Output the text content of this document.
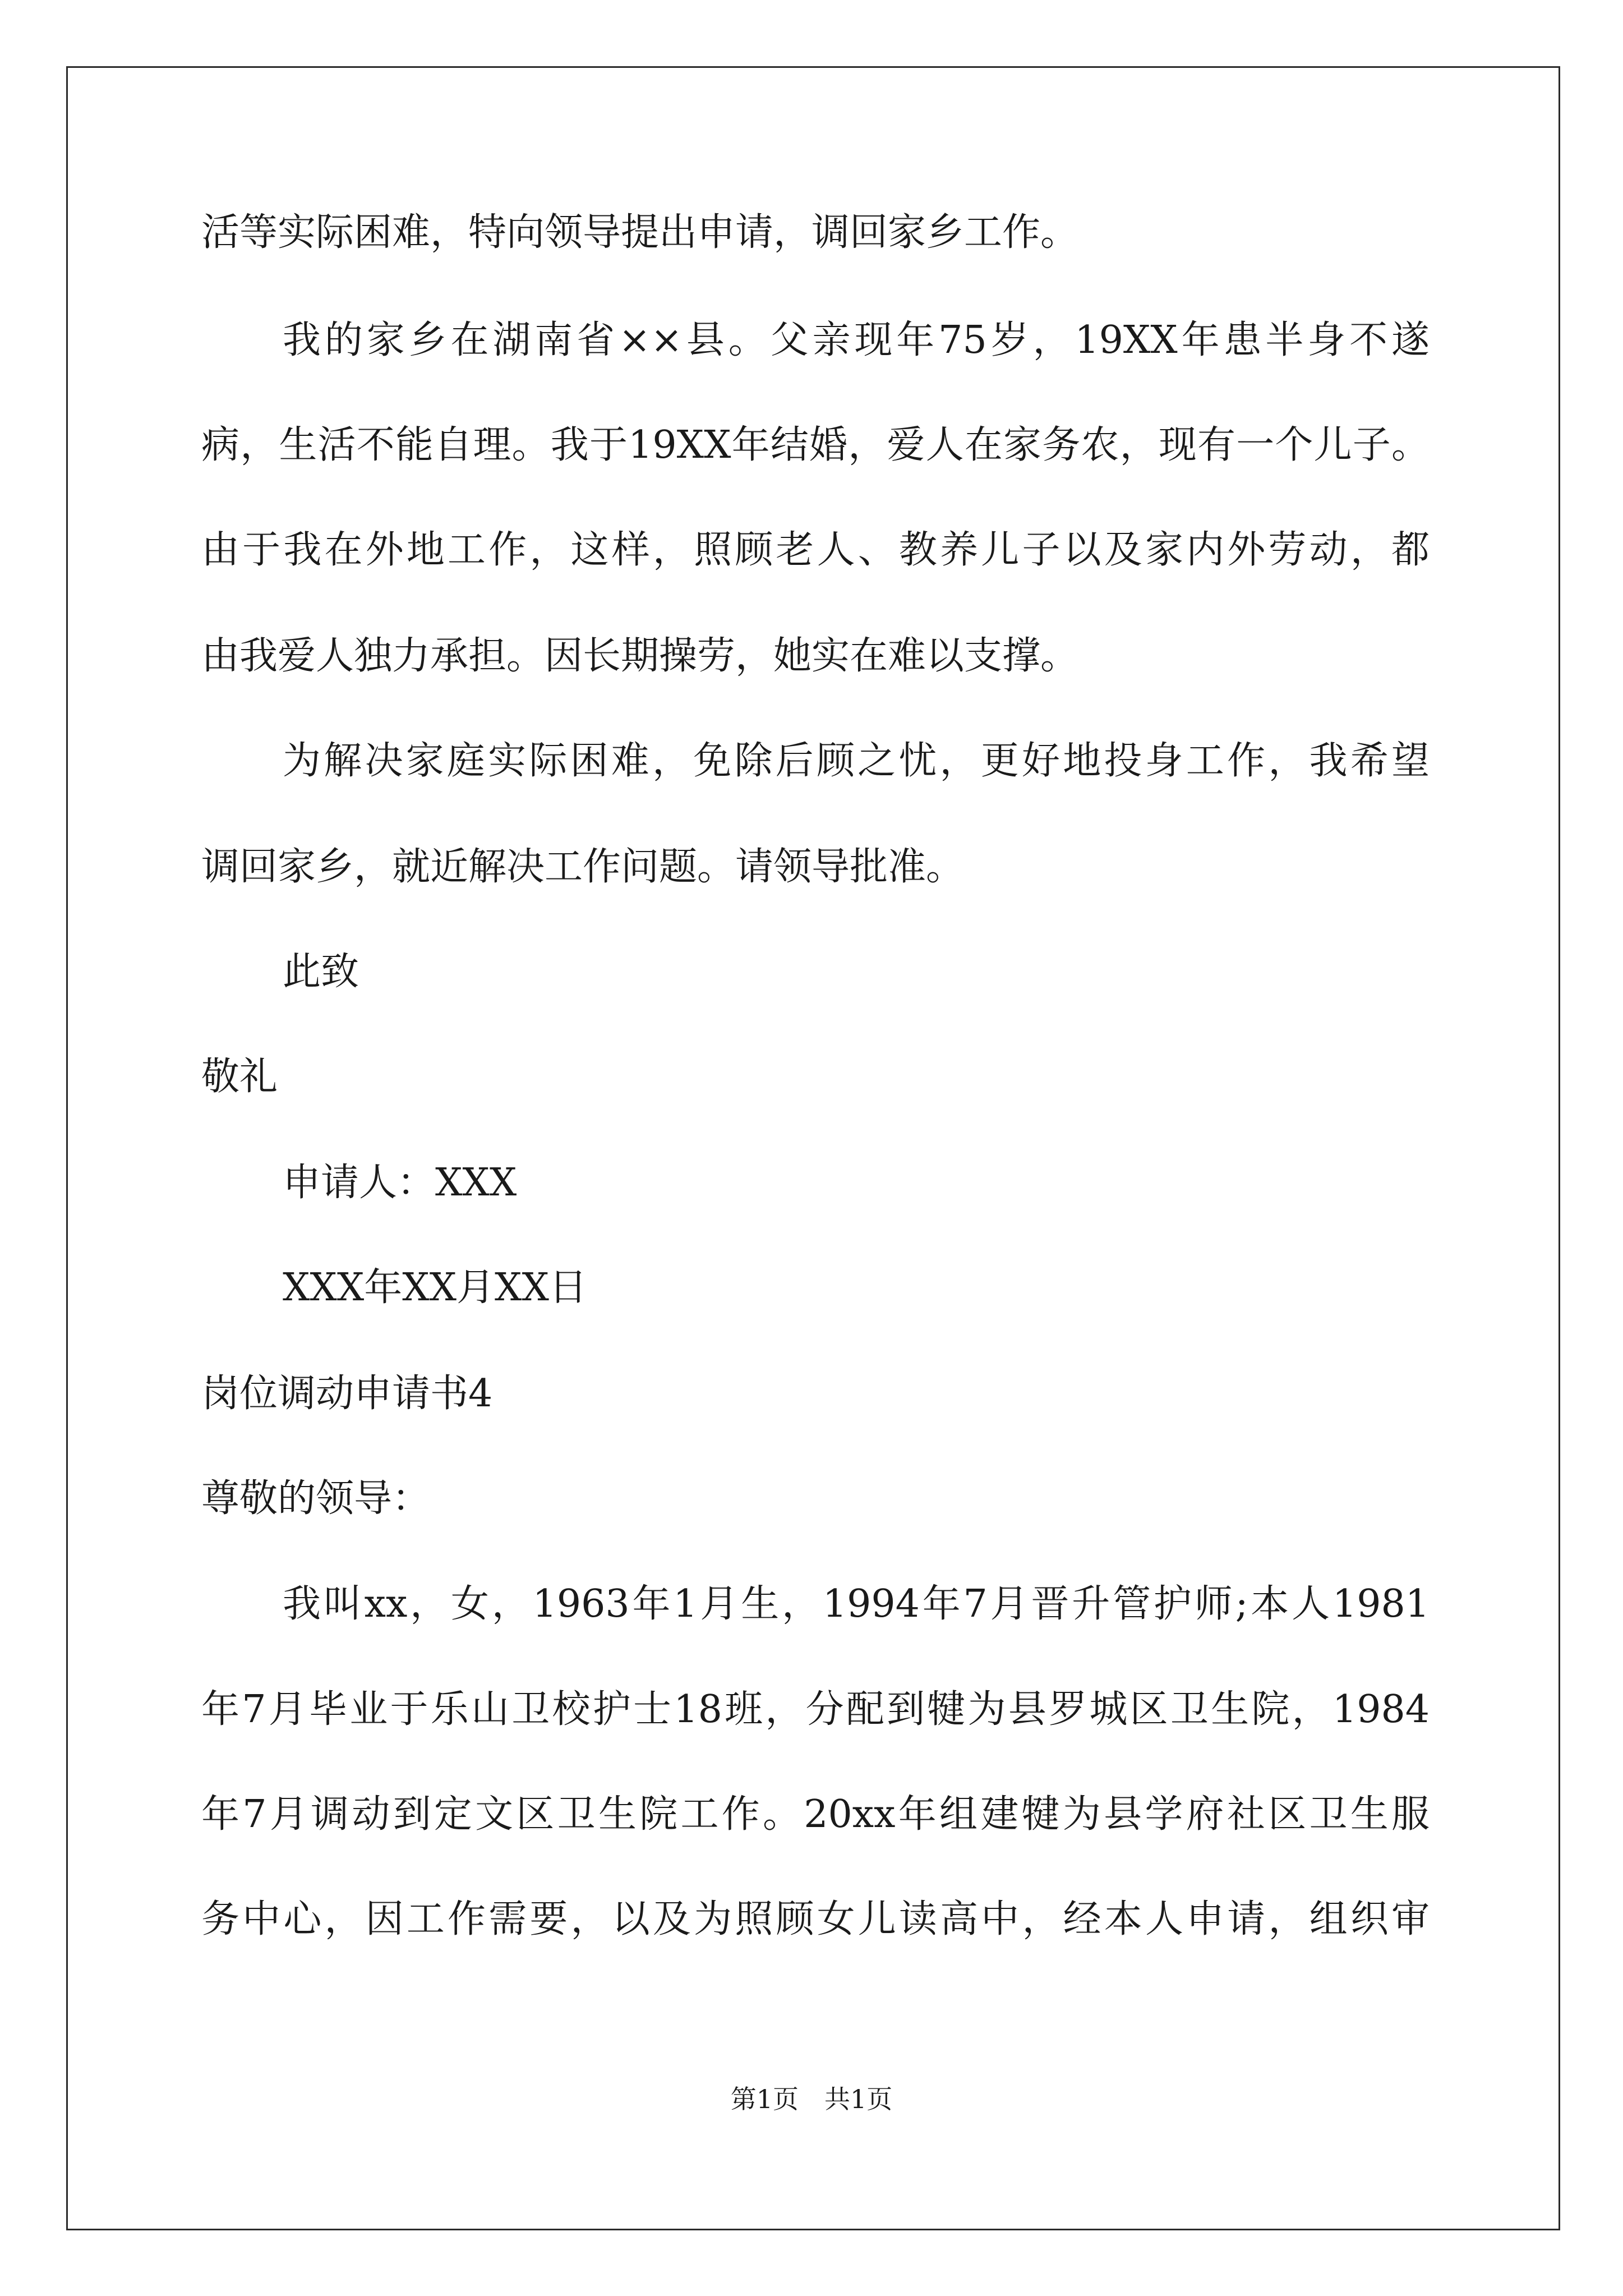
活等实际困难，特向领导提出申请，调回家乡工作。
我的家乡在湖南省××县。父亲现年75岁，19XX年患半身不遂
病，生活不能自理。我于19XX年结婚，爱人在家务农，现有一个儿子。
由于我在外地工作，这样，照顾老人、教养儿子以及家内外劳动，都
由我爱人独力承担。因长期操劳，她实在难以支撑。
为解决家庭实际困难，免除后顾之忧，更好地投身工作，我希望
调回家乡，就近解决工作问题。请领导批准。
此致
敬礼
申请人：XXX
XXX年XX月XX日
岗位调动申请书4
尊敬的领导：
我叫xx，女，1963年1月生，1994年7月晋升管护师;本人1981
年7月毕业于乐山卫校护士18班，分配到犍为县罗城区卫生院，1984
年7月调动到定文区卫生院工作。20xx年组建犍为县学府社区卫生服
务中心，因工作需要，以及为照顾女儿读高中，经本人申请，组织审
第1页 共1页
